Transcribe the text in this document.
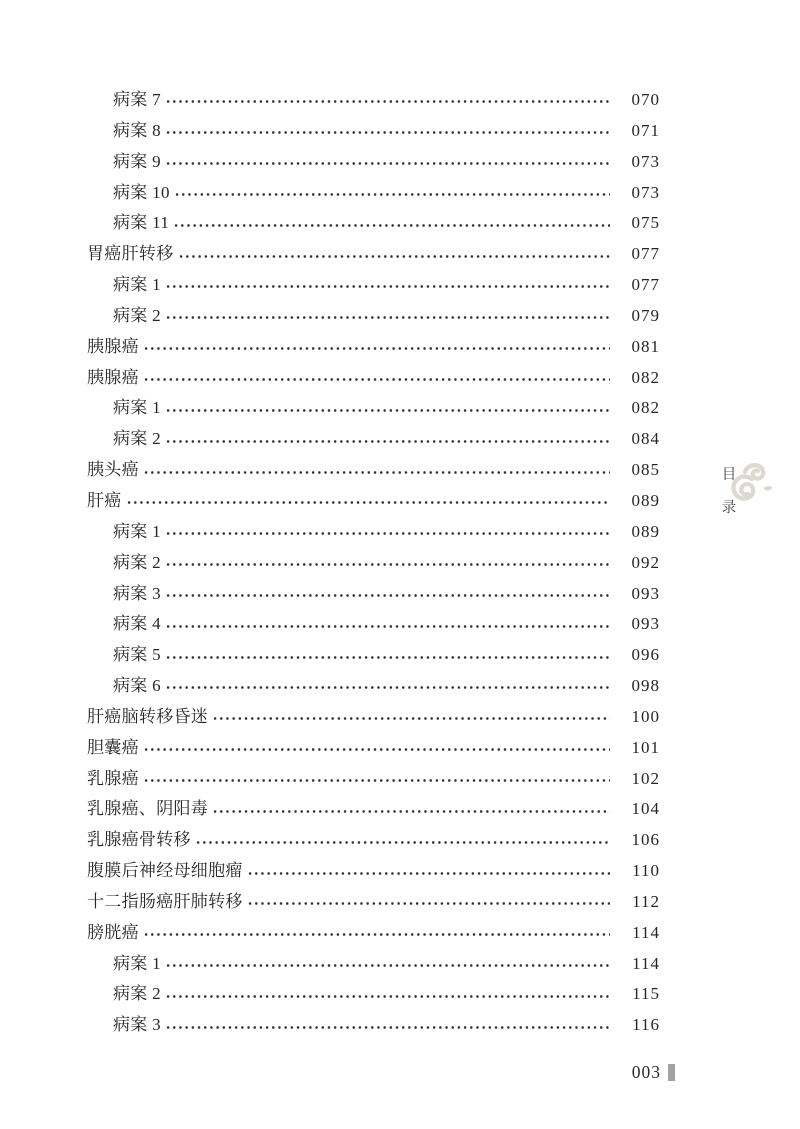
病案 7	070
病案 8	071
病案 9	073
病案 10	073
病案 11	075
胃癌肝转移	077
病案 1	077
病案 2	079
胰腺癌	081
胰腺癌	082
病案 1	082
病案 2	084
胰头癌	085
肝癌	089
病案 1	089
病案 2	092
病案 3	093
病案 4	093
病案 5	096
病案 6	098
肝癌脑转移昏迷	100
胆囊癌	101
乳腺癌	102
乳腺癌、阴阳毒	104
乳腺癌骨转移	106
腹膜后神经母细胞瘤	110
十二指肠癌肝肺转移	112
膀胱癌	114
病案 1	114
病案 2	115
病案 3	116
目
录
003
